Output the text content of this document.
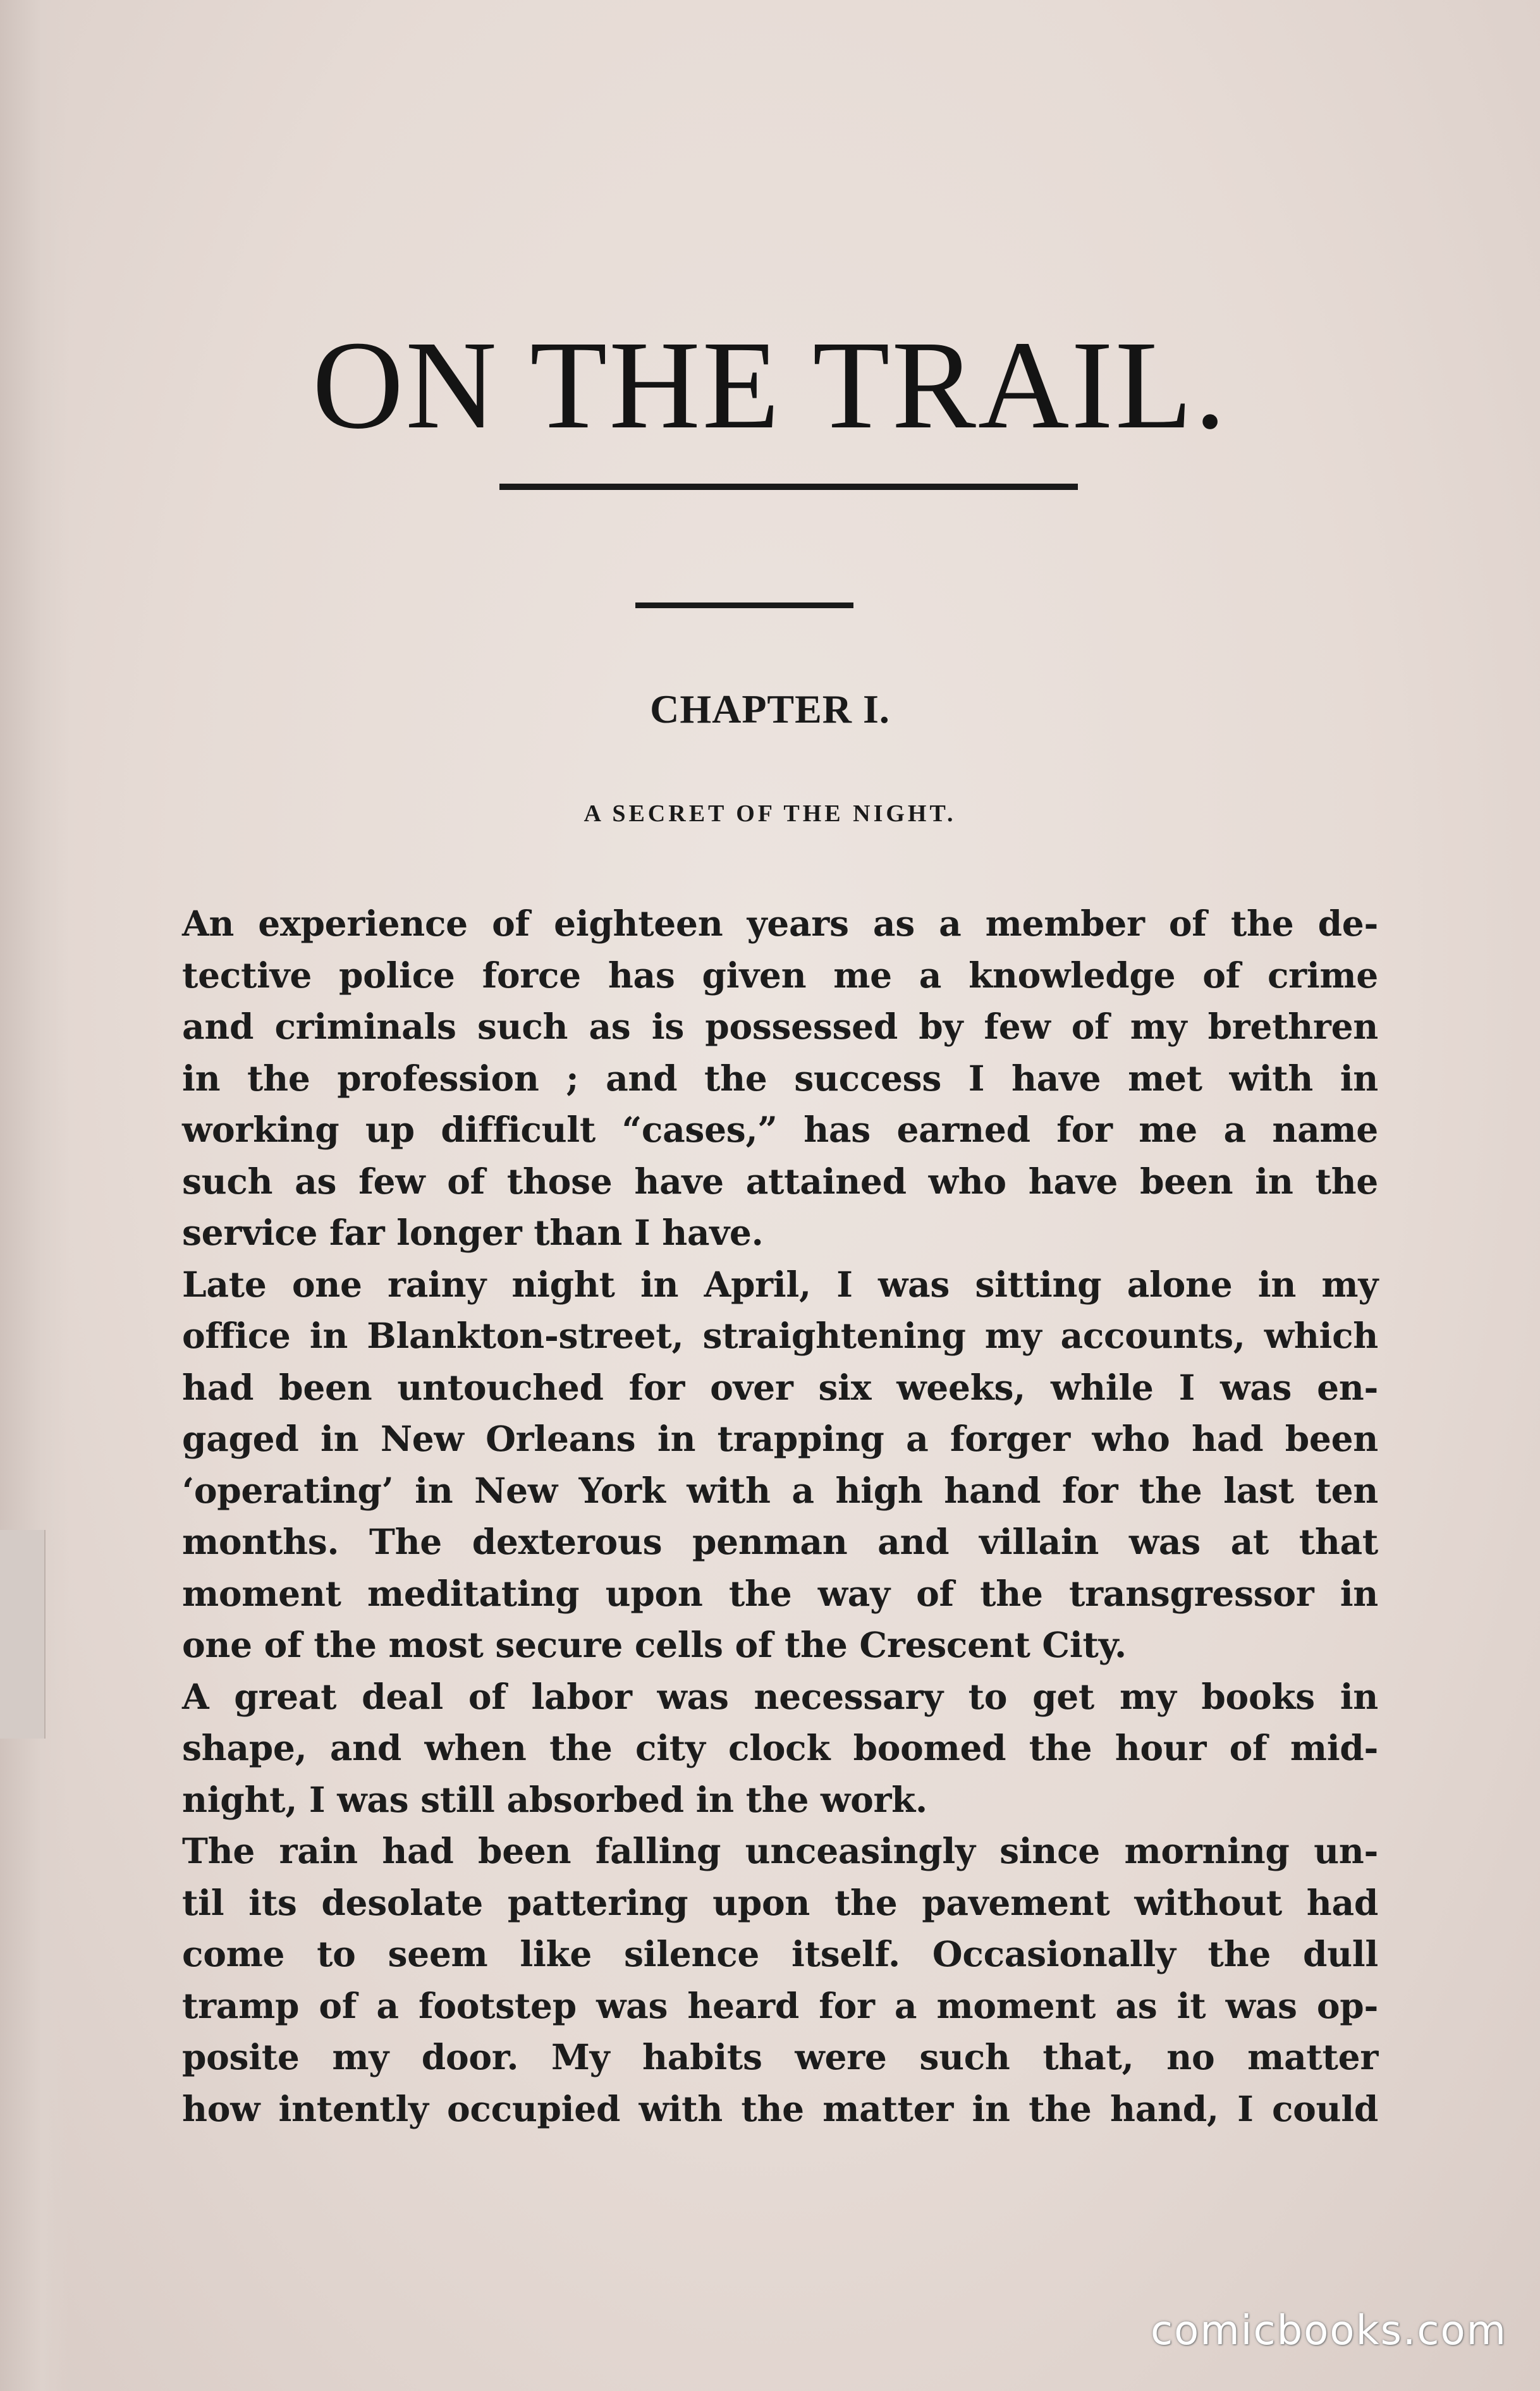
ON THE TRAIL.
CHAPTER I.
A SECRET OF THE NIGHT.
An experience of eighteen years as a member of the de-
tective police force has given me a knowledge of crime
and criminals such as is possessed by few of my brethren
in the profession ; and the success I have met with in
working up difficult “cases,” has earned for me a name
such as few of those have attained who have been in the
service far longer than I have.
Late one rainy night in April, I was sitting alone in my
office in Blankton-street, straightening my accounts, which
had been untouched for over six weeks, while I was en-
gaged in New Orleans in trapping a forger who had been
‘operating’ in New York with a high hand for the last ten
months. The dexterous penman and villain was at that
moment meditating upon the way of the transgressor in
one of the most secure cells of the Crescent City.
A great deal of labor was necessary to get my books in
shape, and when the city clock boomed the hour of mid-
night, I was still absorbed in the work.
The rain had been falling unceasingly since morning un-
til its desolate pattering upon the pavement without had
come to seem like silence itself. Occasionally the dull
tramp of a footstep was heard for a moment as it was op-
posite my door. My habits were such that, no matter
how intently occupied with the matter in the hand, I could
comicbooks.com
